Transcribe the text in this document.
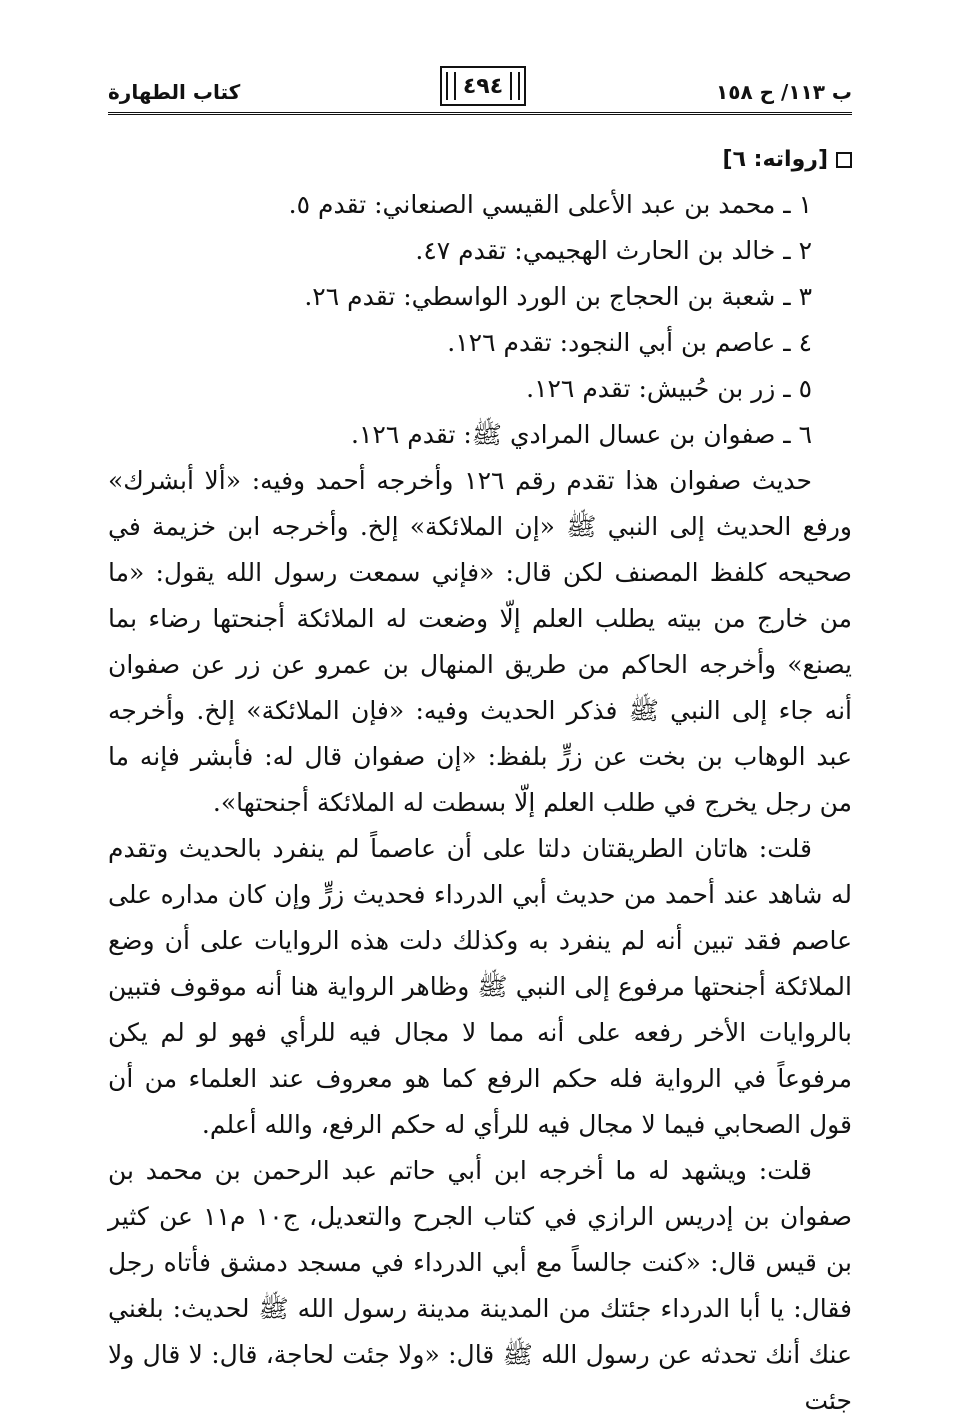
ب ١١٣/ ح ١٥٨
٤٩٤
كتاب الطهارة
[رواته: ٦]
١ ـ محمد بن عبد الأعلى القيسي الصنعاني: تقدم ٥.
٢ ـ خالد بن الحارث الهجيمي: تقدم ٤٧.
٣ ـ شعبة بن الحجاج بن الورد الواسطي: تقدم ٢٦.
٤ ـ عاصم بن أبي النجود: تقدم ١٢٦.
٥ ـ زر بن حُبيش: تقدم ١٢٦.
٦ ـ صفوان بن عسال المرادي ﷺ: تقدم ١٢٦.

حديث صفوان هذا تقدم رقم ١٢٦ وأخرجه أحمد وفيه: «ألا أبشرك» ورفع الحديث إلى النبي ﷺ «إن الملائكة» إلخ. وأخرجه ابن خزيمة في صحيحه كلفظ المصنف لكن قال: «فإني سمعت رسول الله يقول: «ما من خارج من بيته يطلب العلم إلّا وضعت له الملائكة أجنحتها رضاء بما يصنع» وأخرجه الحاكم من طريق المنهال بن عمرو عن زر عن صفوان أنه جاء إلى النبي ﷺ فذكر الحديث وفيه: «فإن الملائكة» إلخ. وأخرجه عبد الوهاب بن بخت عن زرٍّ بلفظ: «إن صفوان قال له: فأبشر فإنه ما من رجل يخرج في طلب العلم إلّا بسطت له الملائكة أجنحتها».

قلت: هاتان الطريقتان دلتا على أن عاصماً لم ينفرد بالحديث وتقدم له شاهد عند أحمد من حديث أبي الدرداء فحديث زرٍّ وإن كان مداره على عاصم فقد تبين أنه لم ينفرد به وكذلك دلت هذه الروايات على أن وضع الملائكة أجنحتها مرفوع إلى النبي ﷺ وظاهر الرواية هنا أنه موقوف فتبين بالروايات الأخر رفعه على أنه مما لا مجال فيه للرأي فهو لو لم يكن مرفوعاً في الرواية فله حكم الرفع كما هو معروف عند العلماء من أن قول الصحابي فيما لا مجال فيه للرأي له حكم الرفع، والله أعلم.

قلت: ويشهد له ما أخرجه ابن أبي حاتم عبد الرحمن بن محمد بن صفوان بن إدريس الرازي في كتاب الجرح والتعديل، ج١٠ م١١ عن كثير بن قيس قال: «كنت جالساً مع أبي الدرداء في مسجد دمشق فأتاه رجل فقال: يا أبا الدرداء جئتك من المدينة مدينة رسول الله ﷺ لحديث: بلغني عنك أنك تحدثه عن رسول الله ﷺ قال: «ولا جئت لحاجة، قال: لا قال ولا جئت
